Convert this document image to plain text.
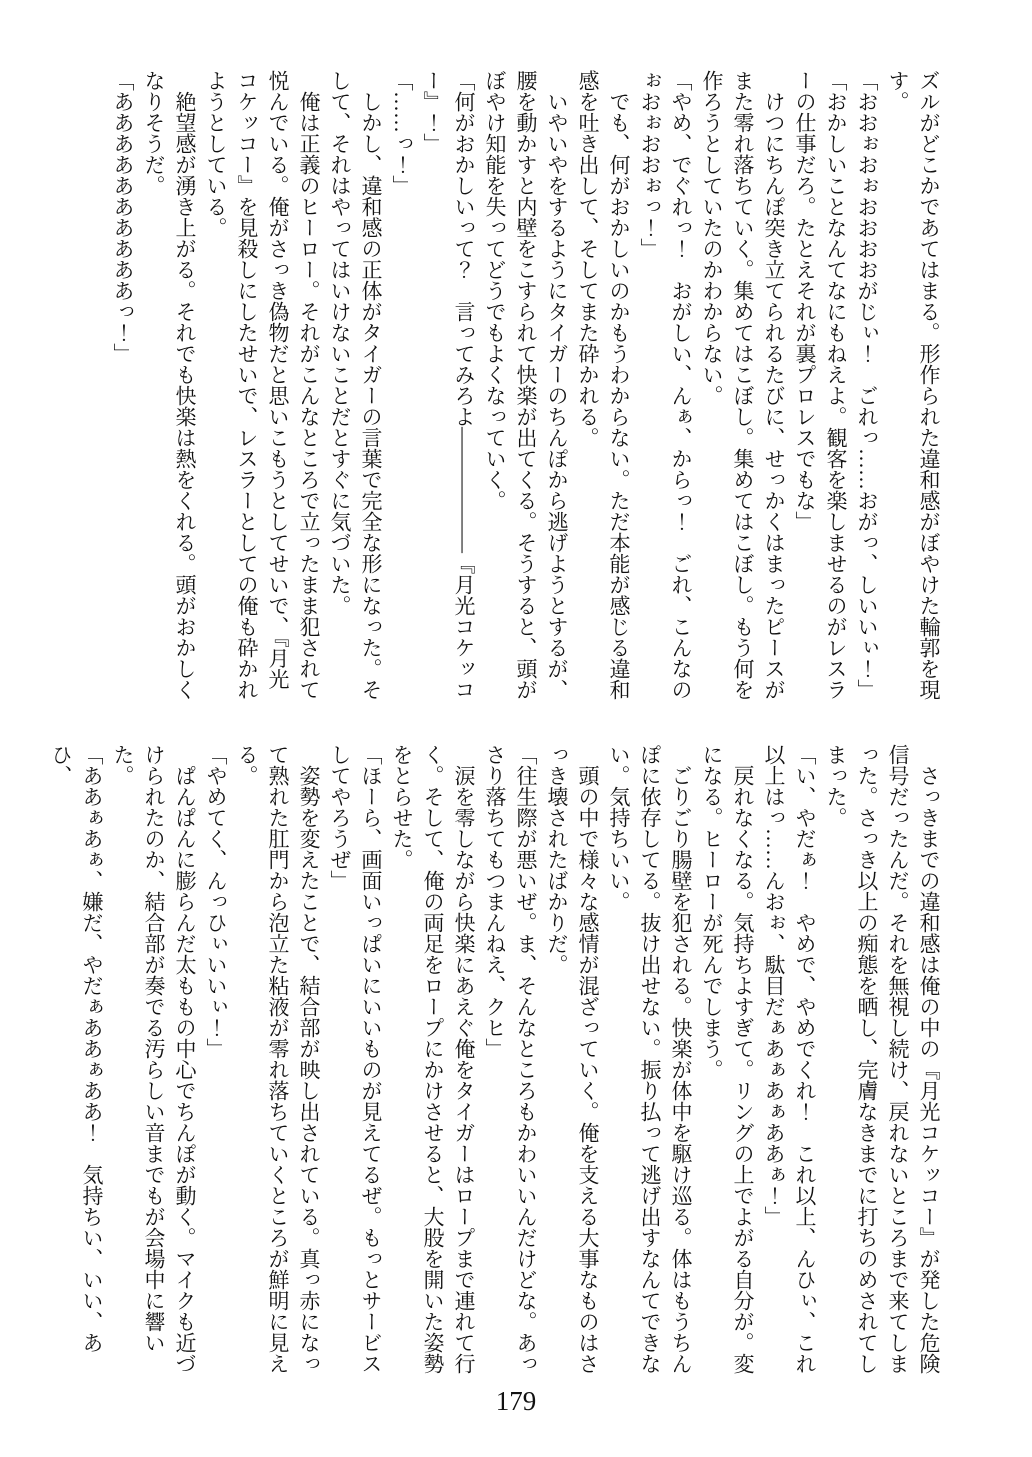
ズルがどこかであてはまる。形作られた違和感がぼやけた輪郭を現す。

「おおぉおぉおおおおがじぃ！　ごれっ……おがっ、しいいぃ！」

「おかしいことなんてなにもねえよ。観客を楽しませるのがレスラーの仕事だろ。たとえそれが裏プロレスでもな」

　けつにちんぽ突き立てられるたびに、せっかくはまったピースがまた零れ落ちていく。集めてはこぼし。集めてはこぼし。もう何を作ろうとしていたのかわからない。

「やめ、でぐれっ！　おがしい、んぁ、からっ！　ごれ、こんなのぉおぉおおぉっ！」

　でも、何がおかしいのかもうわからない。ただ本能が感じる違和感を吐き出して、そしてまた砕かれる。

　いやいやをするようにタイガーのちんぽから逃げようとするが、腰を動かすと内壁をこすられて快楽が出てくる。そうすると、頭がぼやけ知能を失ってどうでもよくなっていく。

「何がおかしいって？　言ってみろよ――――――『月光コケッコー』！」

「……っ！」

　しかし、違和感の正体がタイガーの言葉で完全な形になった。そして、それはやってはいけないことだとすぐに気づいた。

　俺は正義のヒーロー。それがこんなところで立ったまま犯されて悦んでいる。俺がさっき偽物だと思いこもうとしてせいで、『月光コケッコー』を見殺しにしたせいで、レスラーとしての俺も砕かれようとしている。

　絶望感が湧き上がる。それでも快楽は熱をくれる。頭がおかしくなりそうだ。

「ああああああああああっ！」

　さっきまでの違和感は俺の中の『月光コケッコー』が発した危険信号だったんだ。それを無視し続け、戻れないところまで来てしまった。さっき以上の痴態を晒し、完膚なきまでに打ちのめされてしまった。

「い、やだぁ！　やめで、やめでくれ！　これ以上、んひぃ、これ以上はっ……んおぉ、駄目だぁあぁあぁああぁ！」

　戻れなくなる。気持ちよすぎて。リングの上でよがる自分が。変になる。ヒーローが死んでしまう。

　ごりごり腸壁を犯される。快楽が体中を駆け巡る。体はもうちんぽに依存してる。抜け出せない。振り払って逃げ出すなんてできない。気持ちいい。

　頭の中で様々な感情が混ざっていく。俺を支える大事なものはさっき壊されたばかりだ。

「往生際が悪いぜ。ま、そんなところもかわいいんだけどな。あっさり落ちてもつまんねえ、クヒ」

　涙を零しながら快楽にあえぐ俺をタイガーはロープまで連れて行く。そして、俺の両足をロープにかけさせると、大股を開いた姿勢をとらせた。

「ほーら、画面いっぱいにいいものが見えてるぜ。もっとサービスしてやろうぜ」

　姿勢を変えたことで、結合部が映し出されている。真っ赤になって熟れた肛門から泡立た粘液が零れ落ちていくところが鮮明に見える。

「やめてく、んっひぃいいぃ！」

　ぱんぱんに膨らんだ太ももの中心でちんぽが動く。マイクも近づけられたのか、結合部が奏でる汚らしい音までもが会場中に響いた。

「ああぁあぁ、嫌だ、やだぁああぁああ！　気持ちい、いい、あひ、

179
